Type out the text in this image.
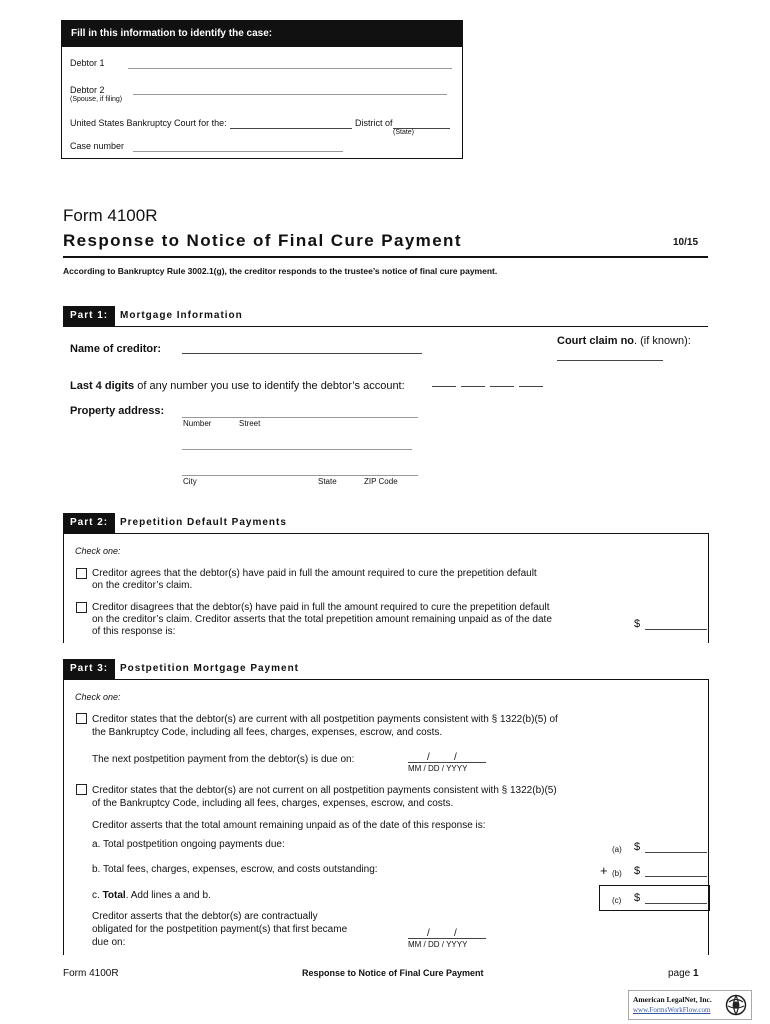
Fill in this information to identify the case:
Debtor 1
Debtor 2
(Spouse, if filing)
United States Bankruptcy Court for the:	District of
(State)
Case number
Form 4100R
Response to Notice of Final Cure Payment	10/15
According to Bankruptcy Rule 3002.1(g), the creditor responds to the trustee’s notice of final cure payment.
Part 1:	Mortgage Information
Name of creditor:
Court claim no. (if known):
Last 4 digits of any number you use to identify the debtor’s account:
Property address:
Number	Street
City	State	ZIP Code
Part 2:	Prepetition Default Payments
Check one:
Creditor agrees that the debtor(s) have paid in full the amount required to cure the prepetition default
on the creditor’s claim.
Creditor disagrees that the debtor(s) have paid in full the amount required to cure the prepetition default
on the creditor’s claim. Creditor asserts that the total prepetition amount remaining unpaid as of the date
of this response is:
$
Part 3:	Postpetition Mortgage Payment
Check one:
Creditor states that the debtor(s) are current with all postpetition payments consistent with § 1322(b)(5) of
the Bankruptcy Code, including all fees, charges, expenses, escrow, and costs.
The next postpetition payment from the debtor(s) is due on:	/ /
MM / DD / YYYY
Creditor states that the debtor(s) are not current on all postpetition payments consistent with § 1322(b)(5)
of the Bankruptcy Code, including all fees, charges, expenses, escrow, and costs.
Creditor asserts that the total amount remaining unpaid as of the date of this response is:
a. Total postpetition ongoing payments due:	(a) $
b. Total fees, charges, expenses, escrow, and costs outstanding:	+ (b) $
c. Total. Add lines a and b.	(c) $
Creditor asserts that the debtor(s) are contractually
obligated for the postpetition payment(s) that first became
due on:
/ /
MM / DD / YYYY
Form 4100R	Response to Notice of Final Cure Payment	page 1
American LegalNet, Inc.
www.FormsWorkFlow.com
